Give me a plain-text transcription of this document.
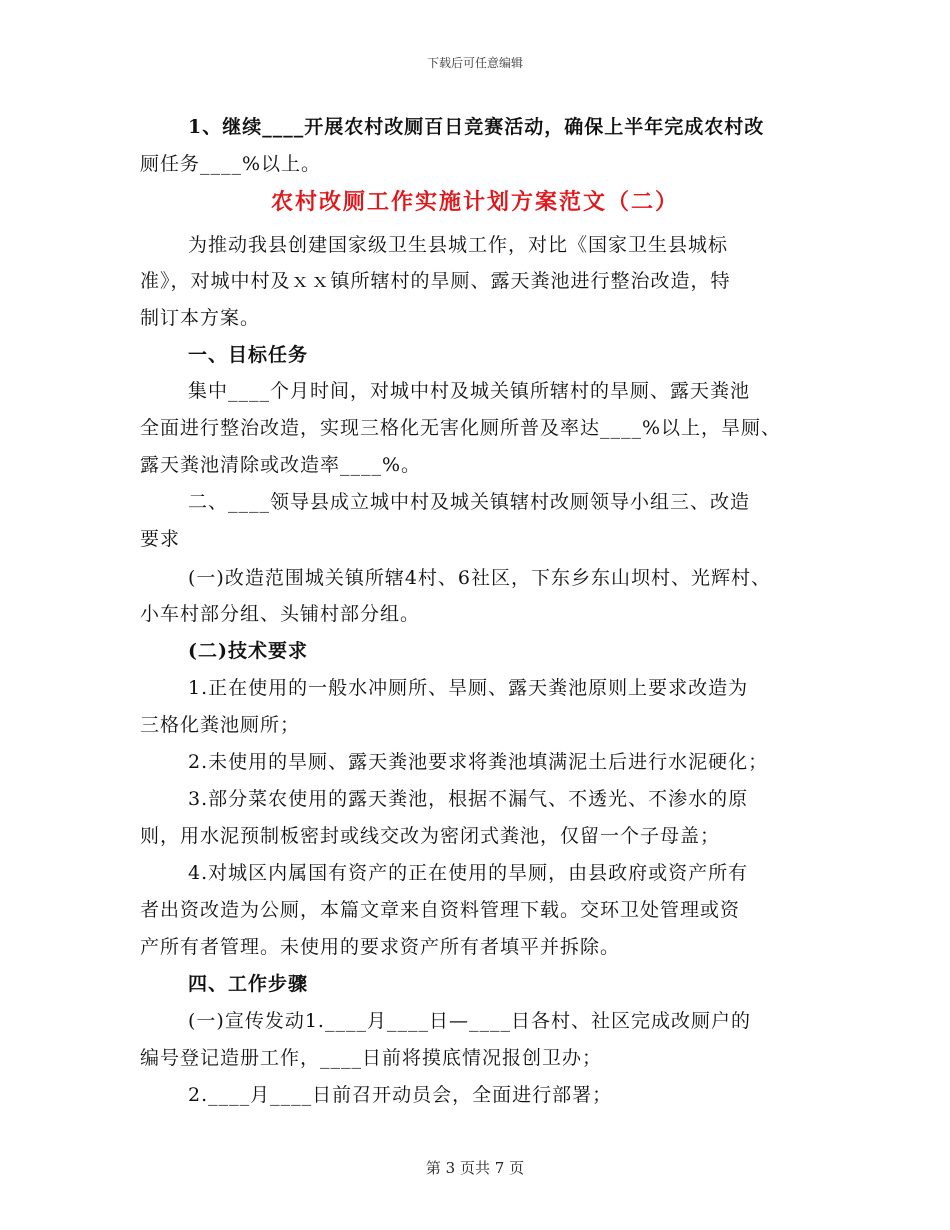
下载后可任意编辑
1、继续____开展农村改厕百日竞赛活动，确保上半年完成农村改
厕任务____%以上。
农村改厕工作实施计划方案范文（二）
为推动我县创建国家级卫生县城工作，对比《国家卫生县城标
准》，对城中村及ｘｘ镇所辖村的旱厕、露天粪池进行整治改造，特
制订本方案。
一、目标任务
集中____个月时间，对城中村及城关镇所辖村的旱厕、露天粪池
全面进行整治改造，实现三格化无害化厕所普及率达____%以上，旱厕、
露天粪池清除或改造率____%。
二、____领导县成立城中村及城关镇辖村改厕领导小组三、改造
要求
(一)改造范围城关镇所辖4村、6社区，下东乡东山坝村、光辉村、
小车村部分组、头铺村部分组。
(二)技术要求
1.正在使用的一般水冲厕所、旱厕、露天粪池原则上要求改造为
三格化粪池厕所；
2.未使用的旱厕、露天粪池要求将粪池填满泥土后进行水泥硬化；
3.部分菜农使用的露天粪池，根据不漏气、不透光、不渗水的原
则，用水泥预制板密封或线交改为密闭式粪池，仅留一个子母盖；
4.对城区内属国有资产的正在使用的旱厕，由县政府或资产所有
者出资改造为公厕，本篇文章来自资料管理下载。交环卫处管理或资
产所有者管理。未使用的要求资产所有者填平并拆除。
四、工作步骤
(一)宣传发动1.____月____日—____日各村、社区完成改厕户的
编号登记造册工作，____日前将摸底情况报创卫办；
2.____月____日前召开动员会，全面进行部署；
第 3 页共 7 页
